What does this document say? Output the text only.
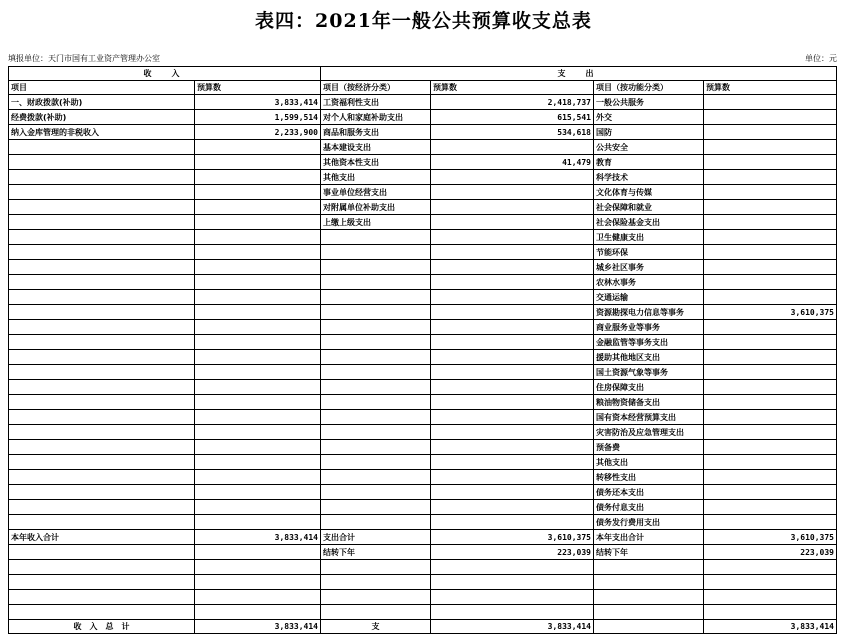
表四：2021年一般公共预算收支总表
填报单位：天门市国有工业资产管理办公室	单位：元
收　入		支　出			
项目	预算数	项目（按经济分类）	预算数	项目（按功能分类）	预算数
一、财政拨款(补助)	3,833,414	工资福利性支出	2,418,737	一般公共服务	
经费拨款(补助)	1,599,514	对个人和家庭补助支出	615,541	外交	
纳入金库管理的非税收入	2,233,900	商品和服务支出	534,618	国防	
		基本建设支出		公共安全	
		其他资本性支出	41,479	教育	
		其他支出		科学技术	
		事业单位经营支出		文化体育与传媒	
		对附属单位补助支出		社会保障和就业	
		上缴上级支出		社会保险基金支出	
				卫生健康支出	
				节能环保	
				城乡社区事务	
				农林水事务	
				交通运输	
				资源勘探电力信息等事务	3,610,375
				商业服务业等事务	
				金融监管等事务支出	
				援助其他地区支出	
				国土资源气象等事务	
				住房保障支出	
				粮油物资储备支出	
				国有资本经营预算支出	
				灾害防治及应急管理支出	
				预备费	
				其他支出	
				转移性支出	
				债务还本支出	
				债务付息支出	
				债务发行费用支出	
本年收入合计	3,833,414	支出合计	3,610,375	本年支出合计	3,610,375
		结转下年	223,039	结转下年	223,039

收　入　总　计	3,833,414	支	3,833,414		3,833,414
